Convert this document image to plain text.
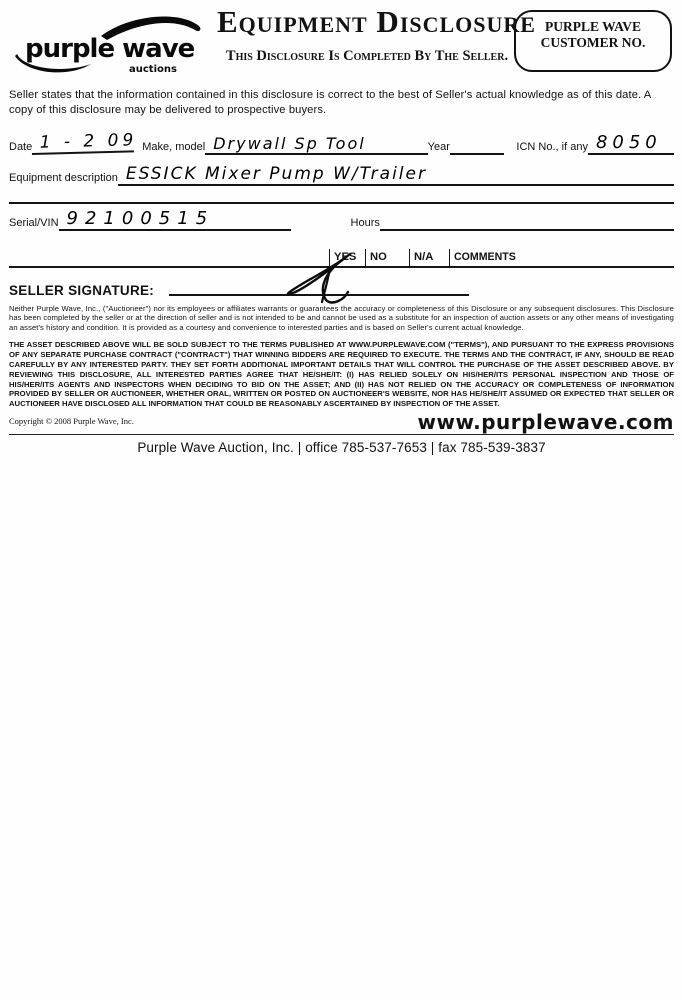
purple wave
auctions
Equipment Disclosure
This Disclosure Is Completed By The Seller.
PURPLE WAVE
CUSTOMER NO.

Seller states that the information contained in this disclosure is correct to the best of Seller's actual knowledge as of this date. A copy of this disclosure may be delivered to prospective buyers.

Date 1 - 2 09 Make, model Drywall Sp Tool	Year	ICN No., if any 8050
Equipment description ESSICK Mixer Pump W/Trailer
Serial/VIN 92100515	Hours
YES	NO	N/A	COMMENTS
SELLER SIGNATURE:

Neither Purple Wave, Inc., ("Auctioneer") nor its employees or affiliates warrants or guarantees the accuracy or completeness of this Disclosure or any subsequent disclosures. This Disclosure has been completed by the seller or at the direction of seller and is not intended to be and cannot be used as a substitute for an inspection of auction assets or any other means of investigating an asset's history and condition. It is provided as a courtesy and convenience to interested parties and is based on Seller's current actual knowledge.

THE ASSET DESCRIBED ABOVE WILL BE SOLD SUBJECT TO THE TERMS PUBLISHED AT WWW.PURPLEWAVE.COM ("TERMS"), AND PURSUANT TO THE EXPRESS PROVISIONS OF ANY SEPARATE PURCHASE CONTRACT ("CONTRACT") THAT WINNING BIDDERS ARE REQUIRED TO EXECUTE. THE TERMS AND THE CONTRACT, IF ANY, SHOULD BE READ CAREFULLY BY ANY INTERESTED PARTY. THEY SET FORTH ADDITIONAL IMPORTANT DETAILS THAT WILL CONTROL THE PURCHASE OF THE ASSET DESCRIBED ABOVE. BY REVIEWING THIS DISCLOSURE, ALL INTERESTED PARTIES AGREE THAT HE/SHE/IT: (I) HAS RELIED SOLELY ON HIS/HER/ITS PERSONAL INSPECTION AND THOSE OF HIS/HER/ITS AGENTS AND INSPECTORS WHEN DECIDING TO BID ON THE ASSET; AND (II) HAS NOT RELIED ON THE ACCURACY OR COMPLETENESS OF INFORMATION PROVIDED BY SELLER OR AUCTIONEER, WHETHER ORAL, WRITTEN OR POSTED ON AUCTIONEER'S WEBSITE, NOR HAS HE/SHE/IT ASSUMED OR EXPECTED THAT SELLER OR AUCTIONEER HAVE DISCLOSED ALL INFORMATION THAT COULD BE REASONABLY ASCERTAINED BY INSPECTION OF THE ASSET.

Copyright © 2008 Purple Wave, Inc.	www.purplewave.com
Purple Wave Auction, Inc. | office 785-537-7653 | fax 785-539-3837
